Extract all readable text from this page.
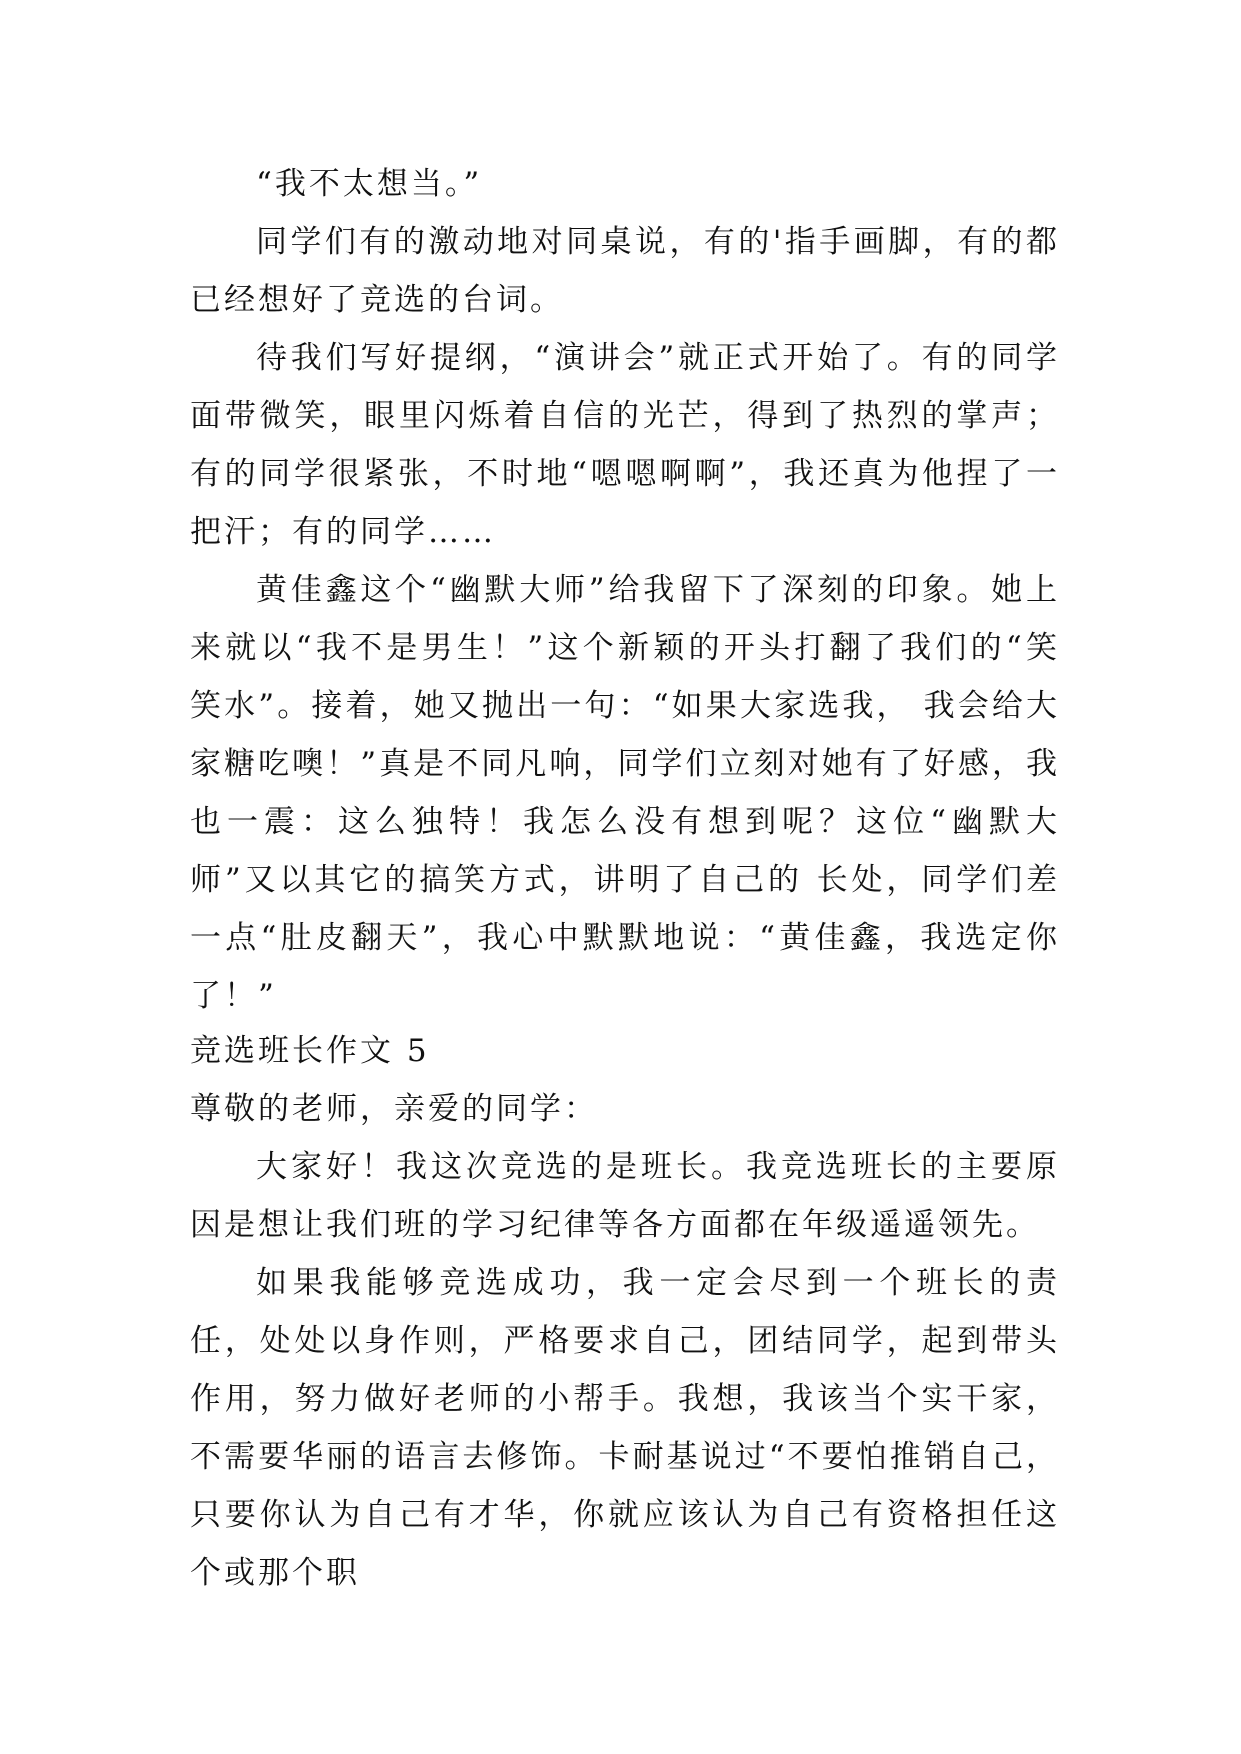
“我不太想当。”

同学们有的激动地对同桌说，有的'指手画脚，有的都已经想好了竞选的台词。

待我们写好提纲，“演讲会”就正式开始了。有的同学面带微笑，眼里闪烁着自信的光芒，得到了热烈的掌声；有的同学很紧张，不时地“嗯嗯啊啊”，我还真为他捏了一把汗；有的同学……

黄佳鑫这个“幽默大师”给我留下了深刻的印象。她上来就以“我不是男生！”这个新颖的开头打翻了我们的“笑笑水”。接着，她又抛出一句：“如果大家选我， 我会给大家糖吃噢！”真是不同凡响，同学们立刻对她有了好感，我也一震：这么独特！我怎么没有想到呢？这位“幽默大师”又以其它的搞笑方式，讲明了自己的 长处，同学们差一点“肚皮翻天”，我心中默默地说：“黄佳鑫，我选定你了！”

竞选班长作文 5

尊敬的老师，亲爱的同学：

大家好！我这次竞选的是班长。我竞选班长的主要原因是想让我们班的学习纪律等各方面都在年级遥遥领先。

如果我能够竞选成功，我一定会尽到一个班长的责任，处处以身作则，严格要求自己，团结同学，起到带头作用，努力做好老师的小帮手。我想，我该当个实干家，不需要华丽的语言去修饰。卡耐基说过“不要怕推销自己，只要你认为自己有才华，你就应该认为自己有资格担任这个或那个职
